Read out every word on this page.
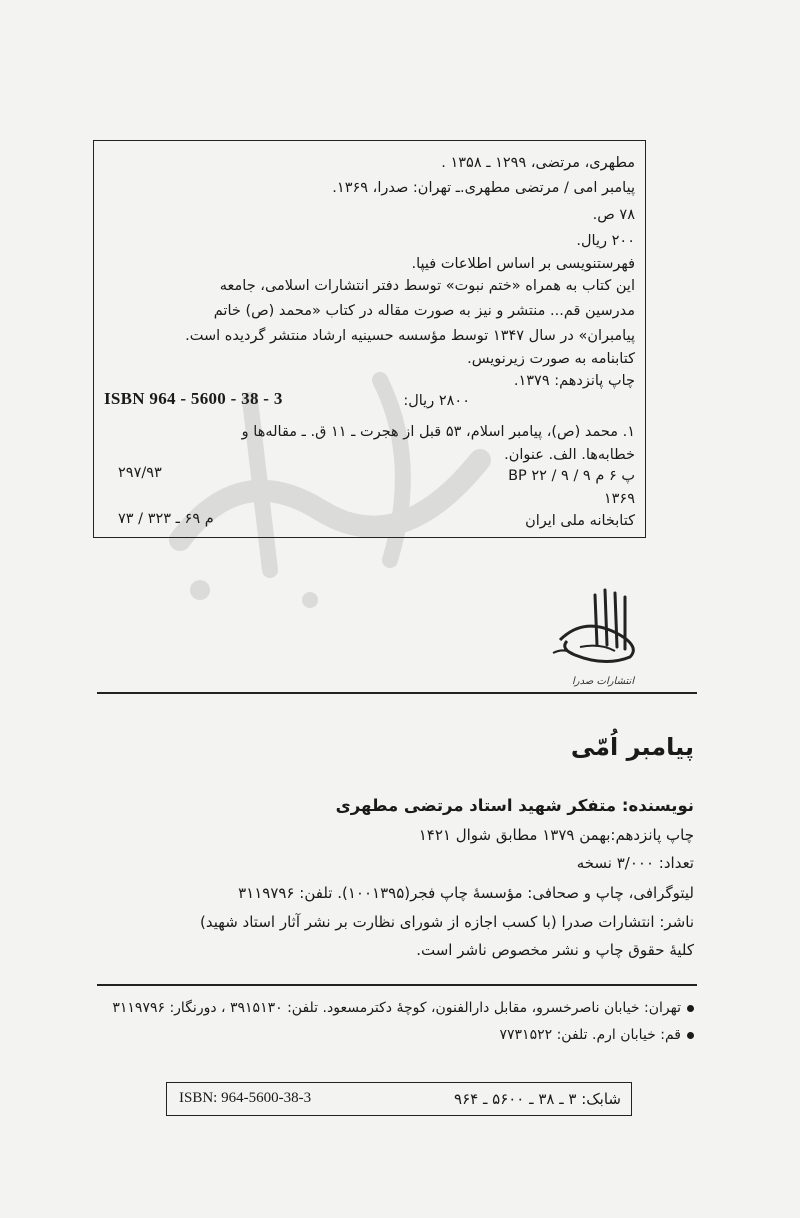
مطهری، مرتضی، ۱۲۹۹ ـ ۱۳۵۸ .
پیامبر امی / مرتضی مطهری.ـ تهران: صدرا، ۱۳۶۹.
۷۸ ص.
۲۰۰ ریال.
فهرستنویسی بر اساس اطلاعات فیپا.
این کتاب به همراه «ختم نبوت» توسط دفتر انتشارات اسلامی، جامعه
مدرسین قم... منتشر و نیز به صورت مقاله در کتاب «محمد (ص) خاتم
پیامبران» در سال ۱۳۴۷ توسط مؤسسه حسینیه ارشاد منتشر گردیده است.
کتابنامه به صورت زیرنویس.
چاپ پانزدهم: ۱۳۷۹.
۲۸۰۰ ریال:
ISBN 964 - 5600 - 38 - 3
۱. محمد (ص)، پیامبر اسلام، ۵۳ قبل از هجرت ـ ۱۱ ق. ـ مقاله‌ها و
خطابه‌ها. الف. عنوان.
BP ۲۲ / ۹ / ۹ پ ۶ م
۲۹۷/۹۳
۱۳۶۹
کتابخانه ملی ایران
م ۶۹ ـ ۳۲۳ / ۷۳
انتشارات صدرا
پیامبر اُمّی
نویسنده: متفکر شهید استاد مرتضی مطهری
چاپ پانزدهم:بهمن ۱۳۷۹ مطابق شوال ۱۴۲۱
تعداد: ۳/۰۰۰ نسخه
لیتوگرافی، چاپ و صحافی: مؤسسهٔ چاپ فجر(۱۰۰۱۳۹۵). تلفن: ۳۱۱۹۷۹۶
ناشر: انتشارات صدرا (با کسب اجازه از شورای نظارت بر نشر آثار استاد شهید)
کلیهٔ حقوق چاپ و نشر مخصوص ناشر است.
تهران: خیابان ناصرخسرو، مقابل دارالفنون، کوچهٔ دکترمسعود. تلفن: ۳۹۱۵۱۳۰ ، دورنگار: ۳۱۱۹۷۹۶
قم: خیابان ارم. تلفن: ۷۷۳۱۵۲۲
شابک: ۳ ـ ۳۸ ـ ۵۶۰۰ ـ ۹۶۴
ISBN: 964-5600-38-3
